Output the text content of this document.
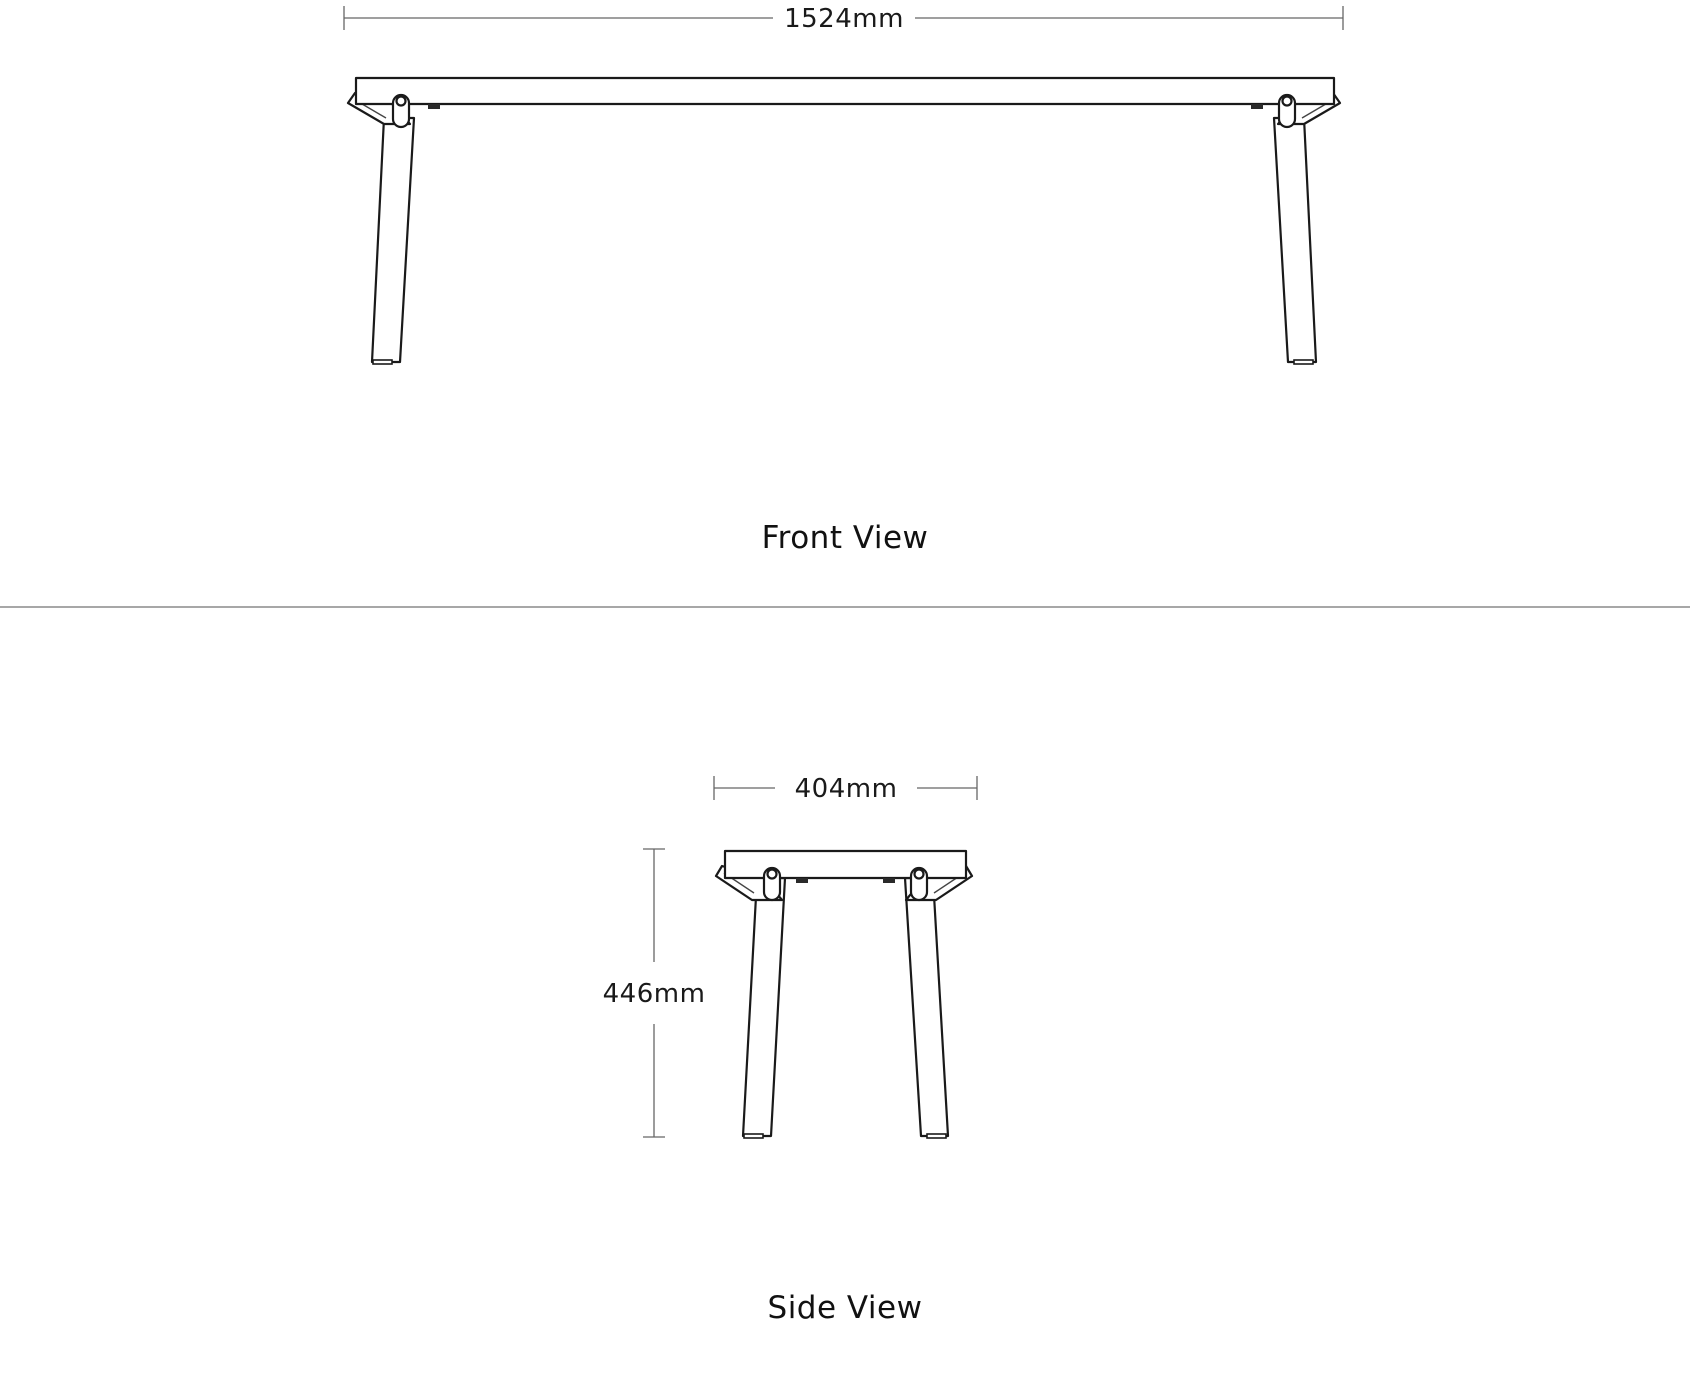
1524mm
Front View
404mm
446mm
Side View
